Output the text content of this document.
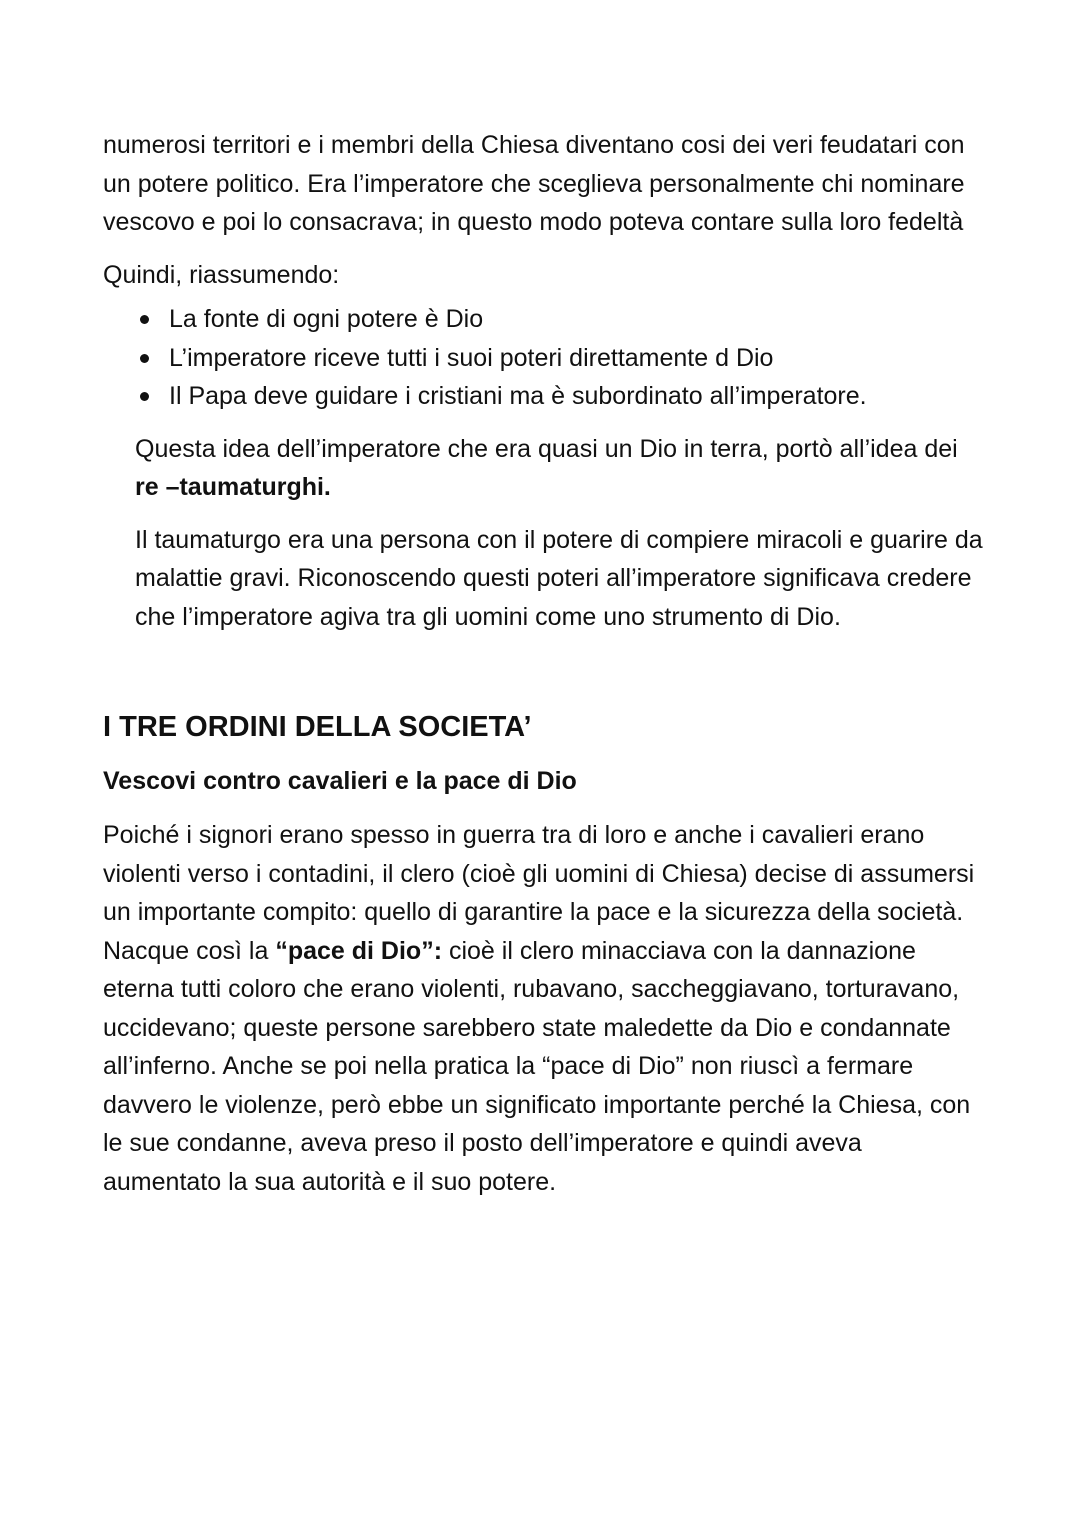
numerosi territori e i membri della Chiesa diventano cosi dei veri feudatari con un potere politico. Era l’imperatore che sceglieva personalmente chi nominare vescovo e poi lo consacrava; in questo modo poteva contare sulla loro fedeltà

Quindi, riassumendo:

La fonte di ogni potere è Dio
L’imperatore riceve tutti i suoi poteri direttamente d Dio
Il Papa deve guidare i cristiani ma è subordinato all’imperatore.

Questa idea dell’imperatore che era quasi un Dio in terra, portò all’idea dei re –taumaturghi.

Il taumaturgo era una persona con il potere di compiere miracoli e guarire da malattie gravi. Riconoscendo questi poteri all’imperatore significava credere che l’imperatore agiva tra gli uomini come uno strumento di Dio.

I TRE ORDINI DELLA SOCIETA’
Vescovi contro cavalieri e la pace di Dio

Poiché i signori erano spesso in guerra tra di loro e anche i cavalieri erano violenti verso i contadini, il clero (cioè gli uomini di Chiesa) decise di assumersi un importante compito: quello di garantire la pace e la sicurezza della società. Nacque così la “pace di Dio”: cioè il clero minacciava con la dannazione eterna tutti coloro che erano violenti, rubavano, saccheggiavano, torturavano, uccidevano; queste persone sarebbero state maledette da Dio e condannate all’inferno. Anche se poi nella pratica la “pace di Dio” non riuscì a fermare davvero le violenze, però ebbe un significato importante perché la Chiesa, con le sue condanne, aveva preso il posto dell’imperatore e quindi aveva aumentato la sua autorità e il suo potere.
